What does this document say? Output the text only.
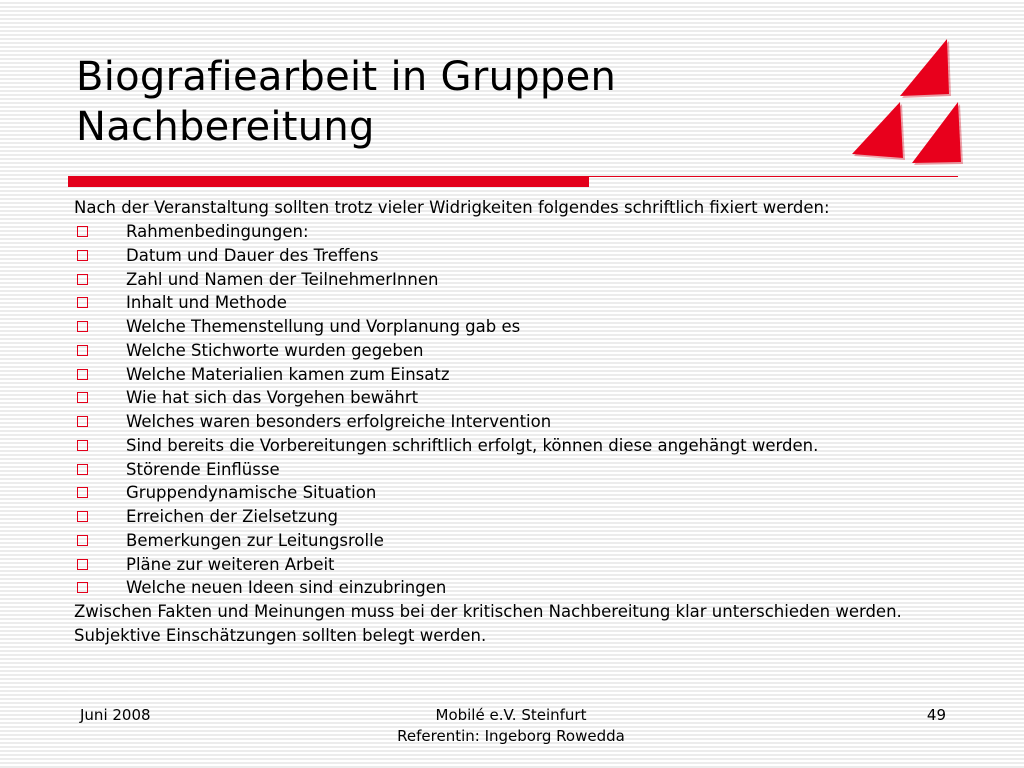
Biografiearbeit in Gruppen
Nachbereitung

Nach der Veranstaltung sollten trotz vieler Widrigkeiten folgendes schriftlich fixiert werden:

Rahmenbedingungen:
Datum und Dauer des Treffens
Zahl und Namen der TeilnehmerInnen
Inhalt und Methode
Welche Themenstellung und Vorplanung gab es
Welche Stichworte wurden gegeben
Welche Materialien kamen zum Einsatz
Wie hat sich das Vorgehen bewährt
Welches waren besonders erfolgreiche Intervention
Sind bereits die Vorbereitungen schriftlich erfolgt, können diese angehängt werden.
Störende Einflüsse
Gruppendynamische Situation
Erreichen der Zielsetzung
Bemerkungen zur Leitungsrolle
Pläne zur weiteren Arbeit
Welche neuen Ideen sind einzubringen

Zwischen Fakten und Meinungen muss bei der kritischen Nachbereitung klar unterschieden werden. Subjektive Einschätzungen sollten belegt werden.

Juni 2008	Mobilé e.V. Steinfurt
Referentin: Ingeborg Rowedda
49
